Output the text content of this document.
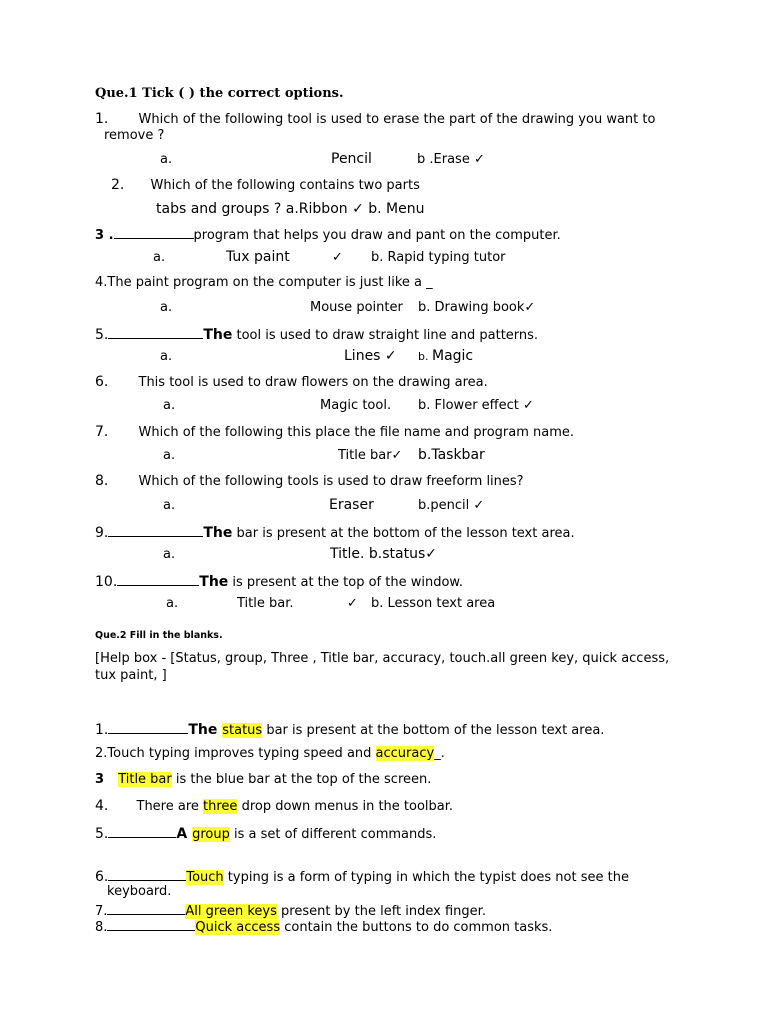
Que.1 Tick ( ) the correct options.
1. Which of the following tool is used to erase the part of the drawing you want to
remove ?
a.	Pencil	b .Erase ✓
2. Which of the following contains two parts
tabs and groups ? a.Ribbon ✓ b. Menu
3 .	program that helps you draw and pant on the computer.
a.	Tux paint	✓ b. Rapid typing tutor
4.The paint program on the computer is just like a _
a.	Mouse pointer b. Drawing book✓
5.	The tool is used to draw straight line and patterns.
a.	Lines ✓ b. Magic
6. This tool is used to draw flowers on the drawing area.
a.	Magic tool. b. Flower effect ✓
7. Which of the following this place the file name and program name.
a.	Title bar✓ b.Taskbar
8. Which of the following tools is used to draw freeform lines?
a.	Eraser	b.pencil ✓
9.	The bar is present at the bottom of the lesson text area.
a.	Title. b.status✓
10.	The is present at the top of the window.
a.	Title bar.	✓ b. Lesson text area
Que.2 Fill in the blanks.
[Help box - [Status, group, Three , Title bar, accuracy, touch.all green key, quick access,
tux paint, ]
1.	The status bar is present at the bottom of the lesson text area.
2.Touch typing improves typing speed and accuracy_.
3 Title bar is the blue bar at the top of the screen.
4. There are three drop down menus in the toolbar.
5.	A group is a set of different commands.
6.	Touch typing is a form of typing in which the typist does not see the
keyboard.
7.	All green keys present by the left index finger.
8.	Quick access contain the buttons to do common tasks.
